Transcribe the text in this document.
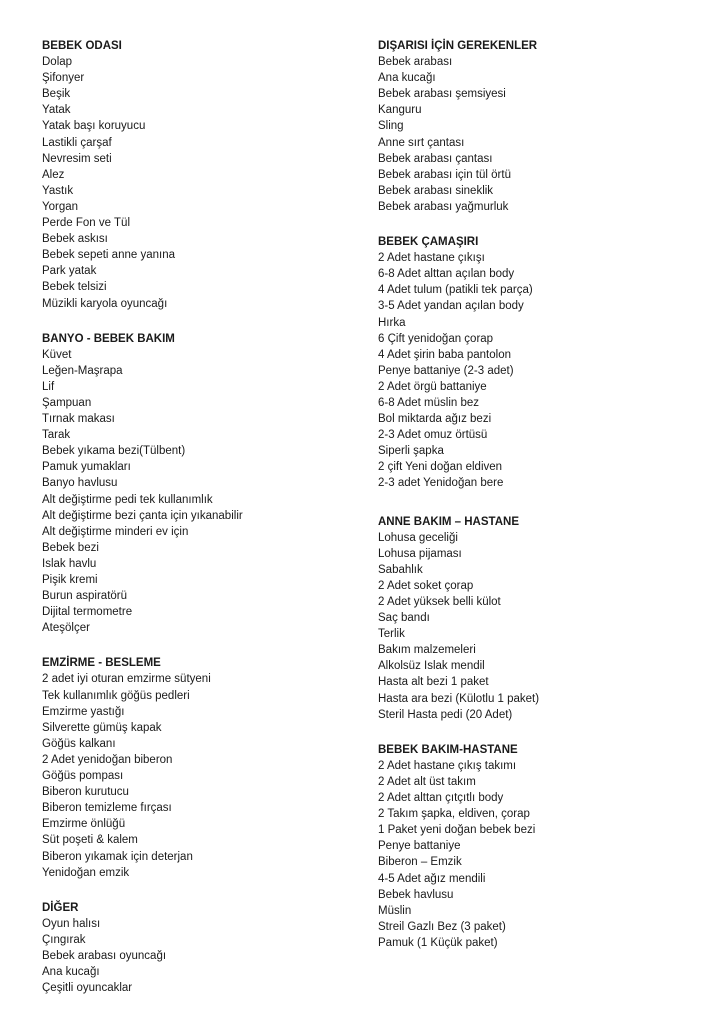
BEBEK ODASI
Dolap
Şifonyer
Beşik
Yatak
Yatak başı koruyucu
Lastikli çarşaf
Nevresim seti
Alez
Yastık
Yorgan
Perde Fon ve Tül
Bebek askısı
Bebek sepeti anne yanına
Park yatak
Bebek telsizi
Müzikli karyola oyuncağı
BANYO - BEBEK BAKIM
Küvet
Leğen-Maşrapa
Lif
Şampuan
Tırnak makası
Tarak
Bebek yıkama bezi(Tülbent)
Pamuk yumakları
Banyo havlusu
Alt değiştirme pedi tek kullanımlık
Alt değiştirme bezi çanta için yıkanabilir
Alt değiştirme minderi ev için
Bebek bezi
Islak havlu
Pişik kremi
Burun aspiratörü
Dijital termometre
Ateşölçer
EMZİRME - BESLEME
2 adet iyi oturan emzirme sütyeni
Tek kullanımlık göğüs pedleri
Emzirme yastığı
Silverette gümüş kapak
Göğüs kalkanı
2 Adet yenidoğan biberon
Göğüs pompası
Biberon kurutucu
Biberon temizleme fırçası
Emzirme önlüğü
Süt poşeti & kalem
Biberon yıkamak için deterjan
Yenidoğan emzik
DİĞER
Oyun halısı
Çıngırak
Bebek arabası oyuncağı
Ana kucağı
Çeşitli oyuncaklar
DIŞARISI İÇİN GEREKENLER
Bebek arabası
Ana kucağı
Bebek arabası şemsiyesi
Kanguru
Sling
Anne sırt çantası
Bebek arabası çantası
Bebek arabası için tül örtü
Bebek arabası sineklik
Bebek arabası yağmurluk
BEBEK ÇAMAŞIRI
2 Adet hastane çıkışı
6-8 Adet alttan açılan body
4 Adet tulum (patikli tek parça)
3-5 Adet yandan açılan body
Hırka
6 Çift yenidoğan çorap
4 Adet şirin baba pantolon
Penye battaniye (2-3 adet)
2 Adet örgü battaniye
6-8 Adet müslin bez
Bol miktarda ağız bezi
2-3 Adet omuz örtüsü
Siperli şapka
2 çift Yeni doğan eldiven
2-3 adet Yenidoğan bere
ANNE BAKIM – HASTANE
Lohusa geceliği
Lohusa pijaması
Sabahlık
2 Adet soket çorap
2 Adet yüksek belli külot
Saç bandı
Terlik
Bakım malzemeleri
Alkolsüz Islak mendil
Hasta alt bezi 1 paket
Hasta ara bezi (Külotlu 1 paket)
Steril Hasta pedi (20 Adet)
BEBEK BAKIM-HASTANE
2 Adet hastane çıkış takımı
2 Adet alt üst takım
2 Adet alttan çıtçıtlı body
2 Takım şapka, eldiven, çorap
1 Paket yeni doğan bebek bezi
Penye battaniye
Biberon – Emzik
4-5 Adet ağız mendili
Bebek havlusu
Müslin
Streil Gazlı Bez (3 paket)
Pamuk (1 Küçük paket)
